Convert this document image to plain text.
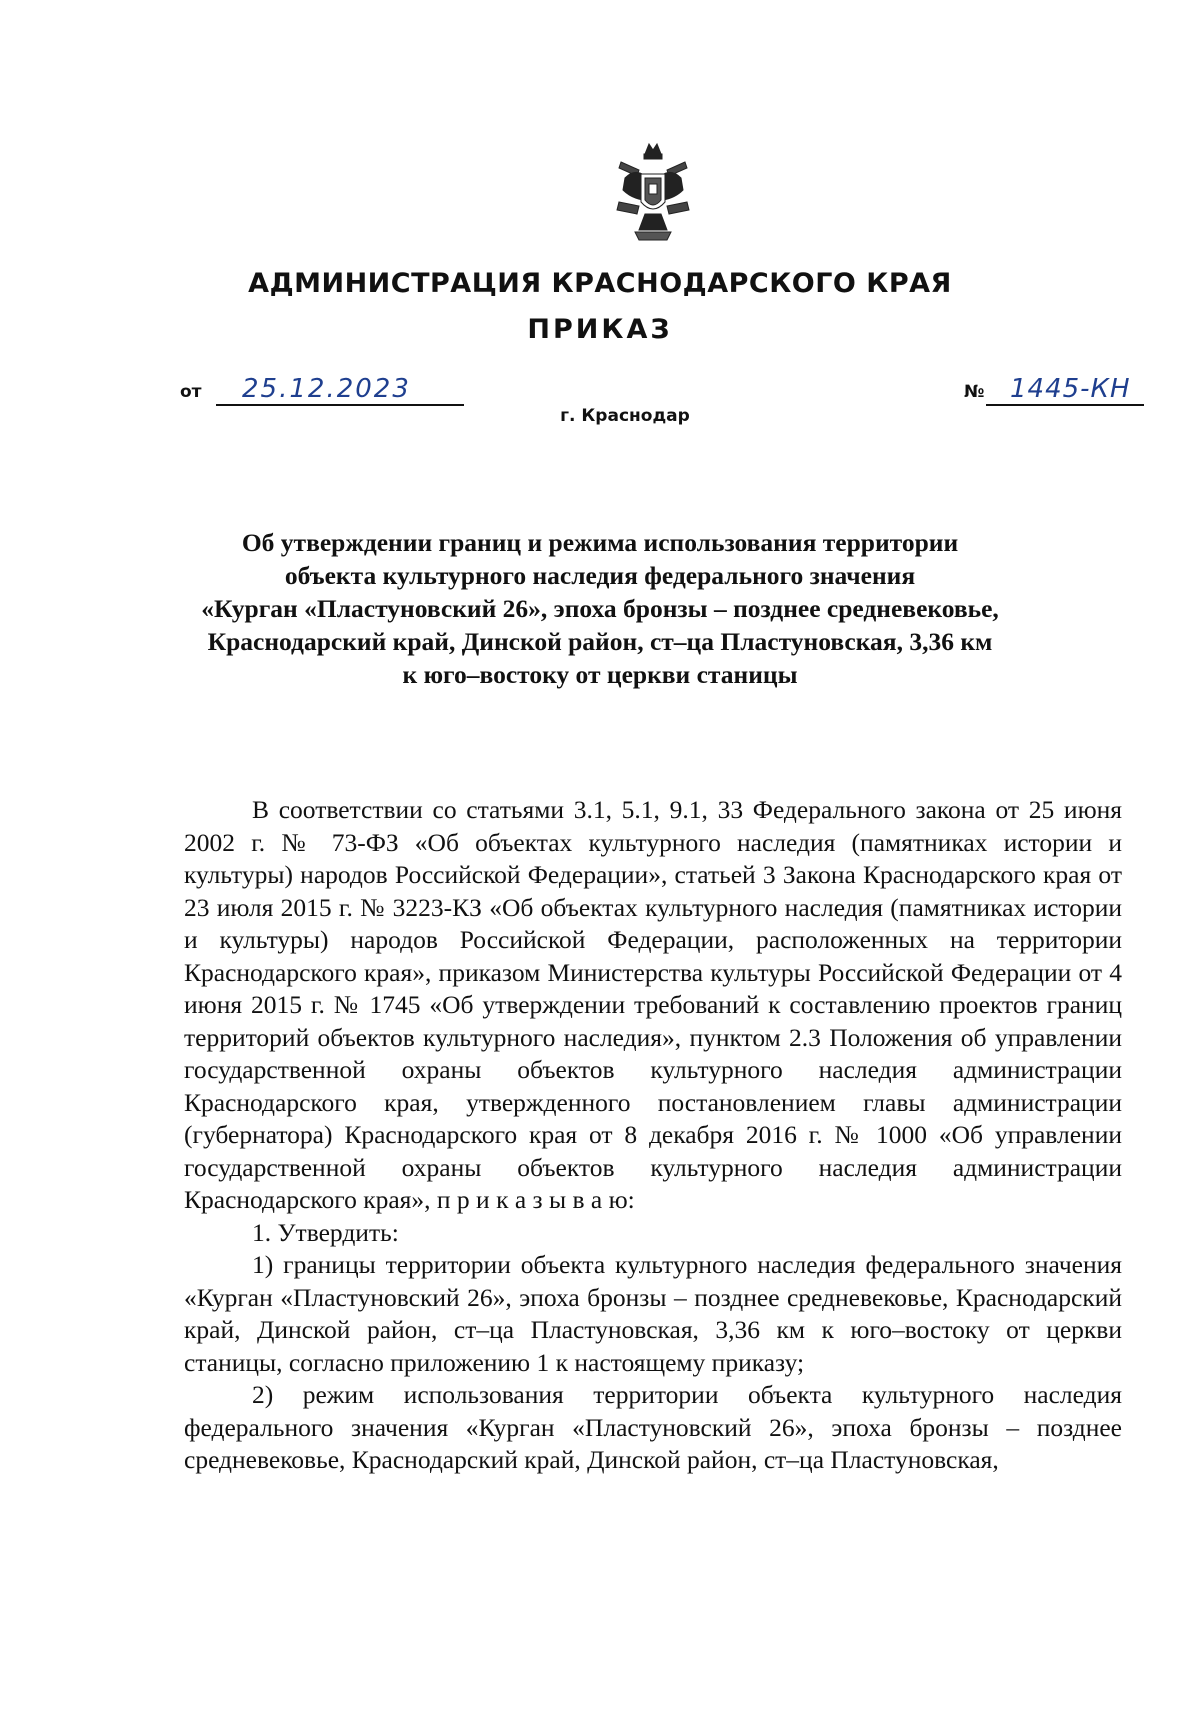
АДМИНИСТРАЦИЯ КРАСНОДАРСКОГО КРАЯ
ПРИКАЗ
от 25.12.2023
г. Краснодар
№ 1445-КН
Об утверждении границ и режима использования территории
объекта культурного наследия федерального значения
«Курган «Пластуновский 26», эпоха бронзы – позднее средневековье,
Краснодарский край, Динской район, ст–ца Пластуновская, 3,36 км
к юго–востоку от церкви станицы

В соответствии со статьями 3.1, 5.1, 9.1, 33 Федерального закона от 25 июня 2002 г. № 73-ФЗ «Об объектах культурного наследия (памятниках истории и культуры) народов Российской Федерации», статьей 3 Закона Краснодарского края от 23 июля 2015 г. № 3223-КЗ «Об объектах культурного наследия (памятниках истории и культуры) народов Российской Федерации, расположенных на территории Краснодарского края», приказом Министерства культуры Российской Федерации от 4 июня 2015 г. № 1745 «Об утверждении требований к составлению проектов границ территорий объектов культурного наследия», пунктом 2.3 Положения об управлении государственной охраны объектов культурного наследия администрации Краснодарского края, утвержденного постановлением главы администрации (губернатора) Краснодарского края от 8 декабря 2016 г. № 1000 «Об управлении государственной охраны объектов культурного наследия администрации Краснодарского края», п р и к а з ы в а ю:

1. Утвердить:

1) границы территории объекта культурного наследия федерального значения «Курган «Пластуновский 26», эпоха бронзы – позднее средневековье, Краснодарский край, Динской район, ст–ца Пластуновская, 3,36 км к юго–востоку от церкви станицы, согласно приложению 1 к настоящему приказу;

2) режим использования территории объекта культурного наследия федерального значения «Курган «Пластуновский 26», эпоха бронзы – позднее средневековье, Краснодарский край, Динской район, ст–ца Пластуновская,
